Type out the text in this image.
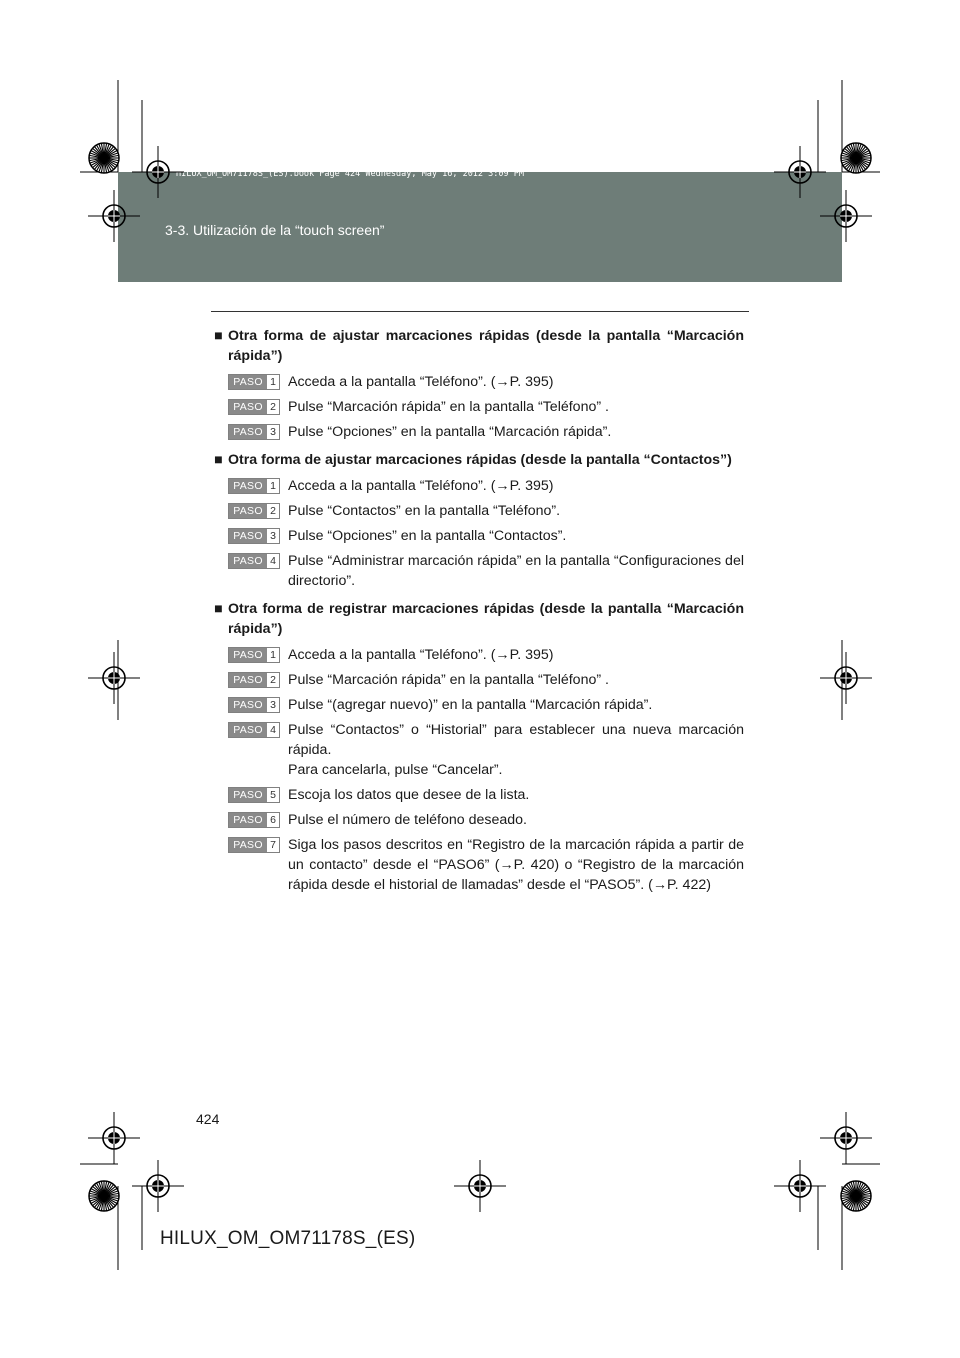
HILUX_OM_OM71178S_(ES).book Page 424 Wednesday, May 16, 2012 3:09 PM
3-3. Utilización de la “touch screen”
■ Otra forma de ajustar marcaciones rápidas (desde la pantalla “Marcación rápida”)
PASO 1 Acceda a la pantalla “Teléfono”. (→P. 395)
PASO 2 Pulse “Marcación rápida” en la pantalla “Teléfono” .
PASO 3 Pulse “Opciones” en la pantalla “Marcación rápida”.
■ Otra forma de ajustar marcaciones rápidas (desde la pantalla “Contactos”)
PASO 1 Acceda a la pantalla “Teléfono”. (→P. 395)
PASO 2 Pulse “Contactos” en la pantalla “Teléfono”.
PASO 3 Pulse “Opciones” en la pantalla “Contactos”.
PASO 4 Pulse “Administrar marcación rápida” en la pantalla “Configuraciones del directorio”.
■ Otra forma de registrar marcaciones rápidas (desde la pantalla “Marcación rápida”)
PASO 1 Acceda a la pantalla “Teléfono”. (→P. 395)
PASO 2 Pulse “Marcación rápida” en la pantalla “Teléfono” .
PASO 3 Pulse “(agregar nuevo)” en la pantalla “Marcación rápida”.
PASO 4 Pulse “Contactos” o “Historial” para establecer una nueva marcación rápida.
Para cancelarla, pulse “Cancelar”.
PASO 5 Escoja los datos que desee de la lista.
PASO 6 Pulse el número de teléfono deseado.
PASO 7 Siga los pasos descritos en “Registro de la marcación rápida a partir de un contacto” desde el “PASO6” (→P. 420) o “Registro de la marcación rápida desde el historial de llamadas” desde el “PASO5”. (→P. 422)
424
HILUX_OM_OM71178S_(ES)
